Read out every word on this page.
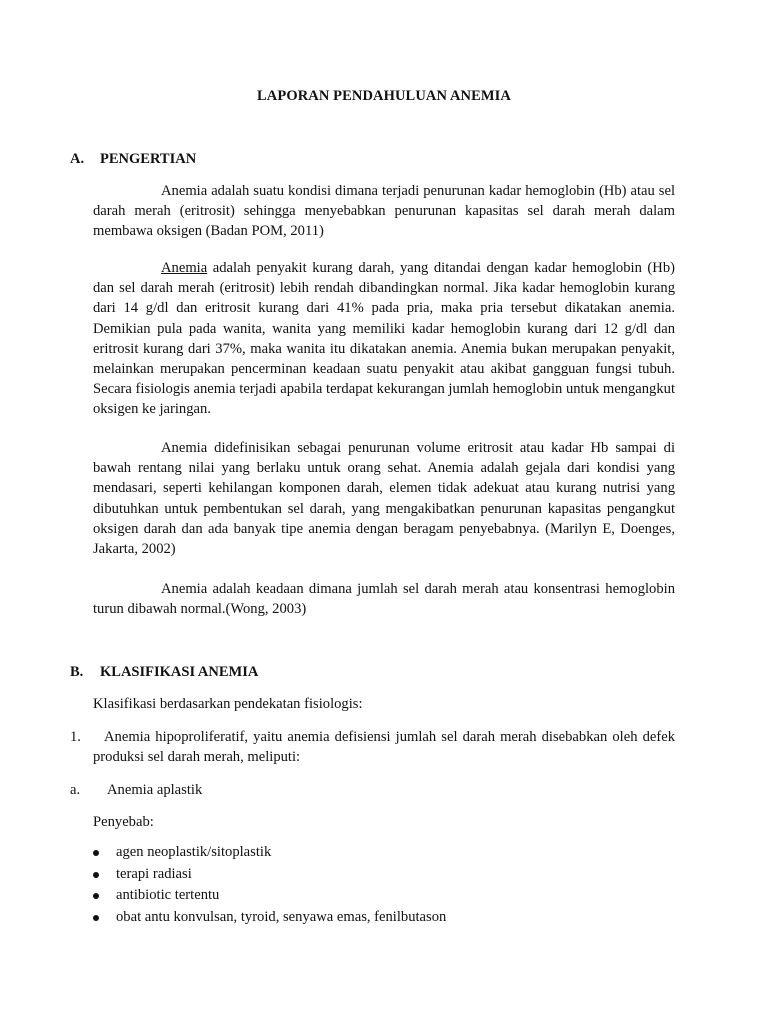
LAPORAN PENDAHULUAN ANEMIA
A. PENGERTIAN
Anemia adalah suatu kondisi dimana terjadi penurunan kadar hemoglobin (Hb) atau sel darah merah (eritrosit) sehingga menyebabkan penurunan kapasitas sel darah merah dalam membawa oksigen (Badan POM, 2011)
Anemia adalah penyakit kurang darah, yang ditandai dengan kadar hemoglobin (Hb) dan sel darah merah (eritrosit) lebih rendah dibandingkan normal. Jika kadar hemoglobin kurang dari 14 g/dl dan eritrosit kurang dari 41% pada pria, maka pria tersebut dikatakan anemia. Demikian pula pada wanita, wanita yang memiliki kadar hemoglobin kurang dari 12 g/dl dan eritrosit kurang dari 37%, maka wanita itu dikatakan anemia. Anemia bukan merupakan penyakit, melainkan merupakan pencerminan keadaan suatu penyakit atau akibat gangguan fungsi tubuh. Secara fisiologis anemia terjadi apabila terdapat kekurangan jumlah hemoglobin untuk mengangkut oksigen ke jaringan.
Anemia didefinisikan sebagai penurunan volume eritrosit atau kadar Hb sampai di bawah rentang nilai yang berlaku untuk orang sehat. Anemia adalah gejala dari kondisi yang mendasari, seperti kehilangan komponen darah, elemen tidak adekuat atau kurang nutrisi yang dibutuhkan untuk pembentukan sel darah, yang mengakibatkan penurunan kapasitas pengangkut oksigen darah dan ada banyak tipe anemia dengan beragam penyebabnya. (Marilyn E, Doenges, Jakarta, 2002)
Anemia adalah keadaan dimana jumlah sel darah merah atau konsentrasi hemoglobin turun dibawah normal.(Wong, 2003)
B. KLASIFIKASI ANEMIA
Klasifikasi berdasarkan pendekatan fisiologis:
1.	Anemia hipoproliferatif, yaitu anemia defisiensi jumlah sel darah merah disebabkan oleh defek produksi sel darah merah, meliputi:
a. Anemia aplastik
Penyebab:
agen neoplastik/sitoplastik
terapi radiasi
antibiotic tertentu
obat antu konvulsan, tyroid, senyawa emas, fenilbutason
